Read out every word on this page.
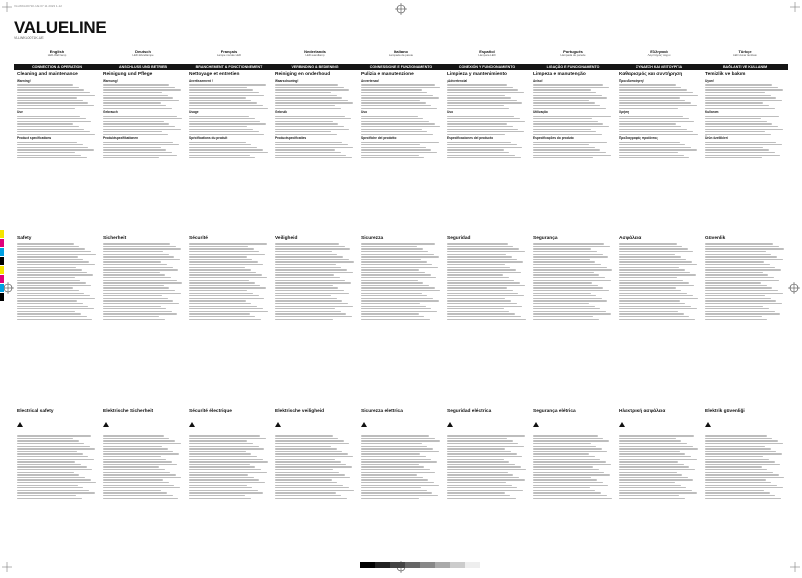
VLLWKL0071K-UE 07 11 2023 1-12
VALUELINE
VLLWKL0071K-UE
English
LED-Wall lamp
Deutsch
LED-Wandlampe
Français
Lampe murale LED
Nederlands
LED-wandlamp
Italiano
Lampada da parete
Español
Lámpara LED
Português
Lâmpada de parede
Ελληνικά
Λαμπτήρας τοίχου
Türkçe
LED duvar lambası
CONNECTION & OPERATION	ANSCHLUSS UND BETRIEB	BRANCHEMENT & FONCTIONNEMENT	VERBINDING & BEDIENING	CONNESSIONE E FUNZIONAMENTO	CONEXIÓN Y FUNCIONAMIENTO	LIGAÇÃO E FUNCIONAMENTO	ΣΥΝΔΕΣΗ ΚΑΙ ΛΕΙΤΟΥΡΓΙΑ	BAĞLANTI VE KULLANIM
Cleaning and maintenance
Warning!
Use
Product specifications
Reinigung und Pflege
Warnung!
Gebrauch
Produktspezifikationen
Nettoyage et entretien
Avertissement !
Usage
Spécifications du produit
Reiniging en onderhoud
Waarschuwing!
Gebruik
Productspecificaties
Pulizia e manutenzione
Avvertenza!
Uso
Specifiche del prodotto
Limpieza y mantenimiento
¡Advertencia!
Uso
Especificaciones del producto
Limpeza e manutenção
Aviso!
Utilização
Especificações do produto
Καθαρισμός και συντήρηση
Προειδοποίηση!
Χρήση
Προδιαγραφές προϊόντος
Temizlik ve bakım
Uyarı!
Kullanım
Ürün özellikleri
Safety	Sicherheit	Sécurité	Veiligheid	Sicurezza	Seguridad	Segurança	Ασφάλεια	Güvenlik
Electrical safety	Elektrische Sicherheit	Sécurité électrique	Elektrische veiligheid	Sicurezza elettrica	Seguridad eléctrica	Segurança elétrica	Ηλεκτρική ασφάλεια	Elektrik güvenliği
